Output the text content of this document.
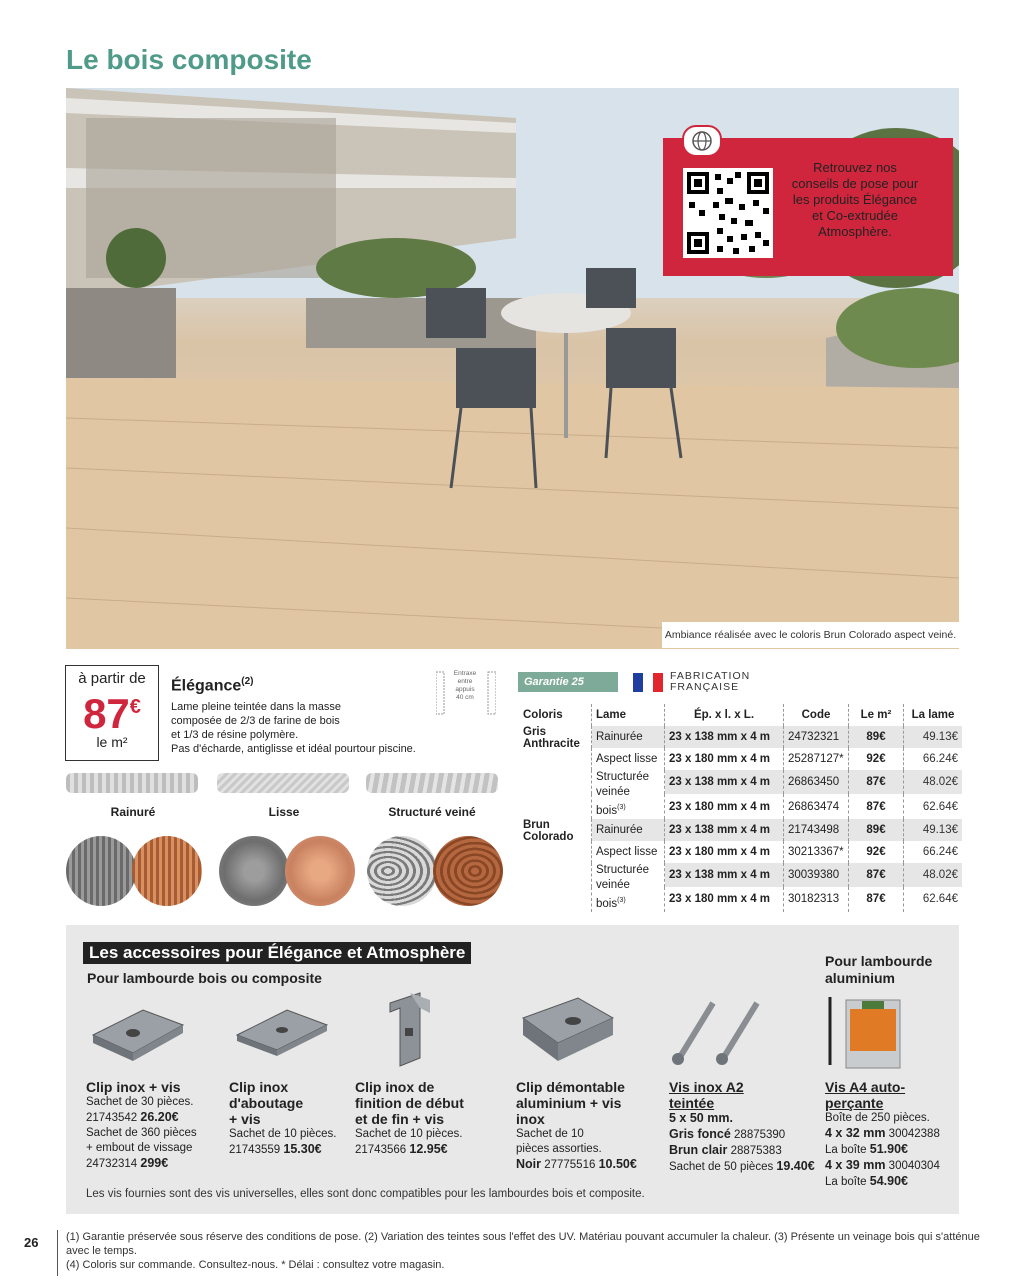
Le bois composite
Retrouvez nos conseils de pose pour les produits Élégance et Co-extrudée Atmosphère.
Ambiance réalisée avec le coloris Brun Colorado aspect veiné.
à partir de
87€
le m²
Élégance$^{(2)}$
Lame pleine teintée dans la masse
composée de 2/3 de farine de bois
et 1/3 de résine polymère.
Pas d'écharde, antiglisse et idéal pourtour piscine.
Entraxe entre appuis
40 cm
Rainuré	Lisse	Structuré veiné
Garantie 25 ANS$^{(1)}$
FABRICATION
FRANÇAISE
Coloris	Lame	Ép. x l. x L.	Code	Le m²	La lame
Gris Anthracite	Rainurée	23 x 138 mm x 4 m	24732321	89€	49.13€
	Aspect lisse	23 x 180 mm x 4 m	25287127*	92€	66.24€
	Structurée veinée bois$^{(3)}$	23 x 138 mm x 4 m	26863450	87€	48.02€
		23 x 180 mm x 4 m	26863474	87€	62.64€
Brun Colorado	Rainurée	23 x 138 mm x 4 m	21743498	89€	49.13€
	Aspect lisse	23 x 180 mm x 4 m	30213367*	92€	66.24€
	Structurée veinée bois$^{(3)}$	23 x 138 mm x 4 m	30039380	87€	48.02€
		23 x 180 mm x 4 m	30182313	87€	62.64€
Les accessoires pour Élégance et Atmosphère
Pour lambourde bois ou composite
Pour lambourde aluminium
Clip inox + vis
Sachet de 30 pièces.
21743542 26.20€
Sachet de 360 pièces
+ embout de vissage
24732314 299€
Clip inox d'aboutage + vis
Sachet de 10 pièces.
21743559 15.30€
Clip inox de finition de début et de fin + vis
Sachet de 10 pièces.
21743566 12.95€
Clip démontable aluminium + vis inox
Sachet de 10 pièces assorties.
Noir 27775516 10.50€
Vis inox A2 teintée
5 x 50 mm.
Gris foncé 28875390
Brun clair 28875383
Sachet de 50 pièces 19.40€
Vis A4 auto-perçante
Boîte de 250 pièces.
4 x 32 mm 30042388
La boîte 51.90€
4 x 39 mm 30040304
La boîte 54.90€
Les vis fournies sont des vis universelles, elles sont donc compatibles pour les lambourdes bois et composite.
26	(1) Garantie préservée sous réserve des conditions de pose. (2) Variation des teintes sous l'effet des UV. Matériau pouvant accumuler la chaleur. (3) Présente un veinage bois qui s'atténue avec le temps.
(4) Coloris sur commande. Consultez-nous. * Délai : consultez votre magasin.
